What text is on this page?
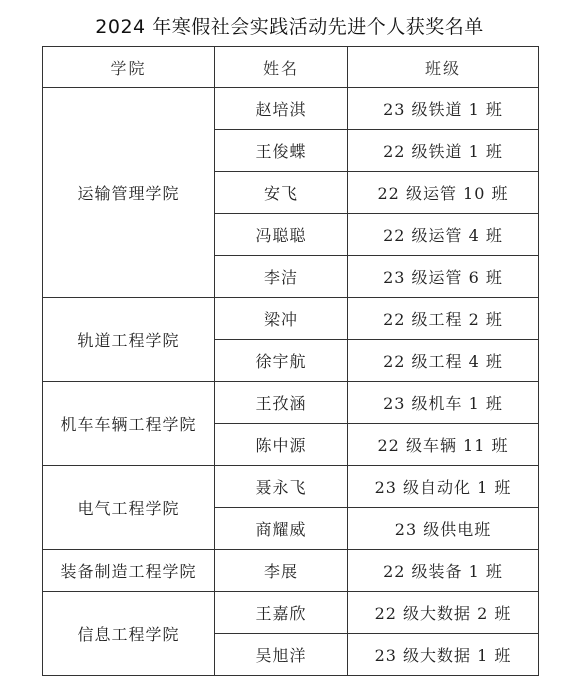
2024 年寒假社会实践活动先进个人获奖名单
学院	姓名	班级
运输管理学院	赵培淇	23 级铁道 1 班
	王俊蝶	22 级铁道 1 班
	安飞	22 级运管 10 班
	冯聪聪	22 级运管 4 班
	李洁	23 级运管 6 班
轨道工程学院	梁冲	22 级工程 2 班
	徐宇航	22 级工程 4 班
机车车辆工程学院	王孜涵	23 级机车 1 班
	陈中源	22 级车辆 11 班
电气工程学院	聂永飞	23 级自动化 1 班
	商耀威	23 级供电班
装备制造工程学院	李展	22 级装备 1 班
信息工程学院	王嘉欣	22 级大数据 2 班
	吴旭洋	23 级大数据 1 班
